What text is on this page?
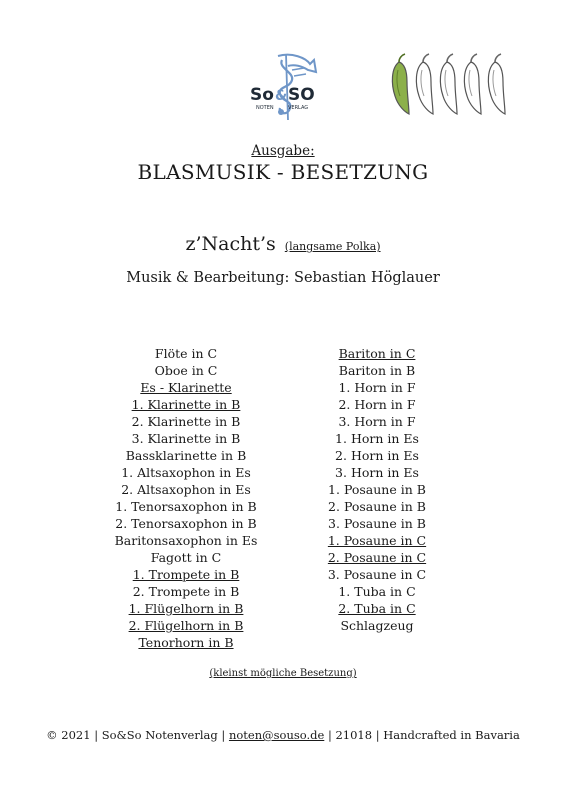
So & SO
NOTEN	VERLAG
Ausgabe:
BLASMUSIK - BESETZUNG
z’Nacht’s (langsame Polka)
Musik & Bearbeitung: Sebastian Höglauer
Flöte in C
Oboe in C
Es - Klarinette
1. Klarinette in B
2. Klarinette in B
3. Klarinette in B
Bassklarinette in B
1. Altsaxophon in Es
2. Altsaxophon in Es
1. Tenorsaxophon in B
2. Tenorsaxophon in B
Baritonsaxophon in Es
Fagott in C
1. Trompete in B
2. Trompete in B
1. Flügelhorn in B
2. Flügelhorn in B
Tenorhorn in B
Bariton in C
Bariton in B
1. Horn in F
2. Horn in F
3. Horn in F
1. Horn in Es
2. Horn in Es
3. Horn in Es
1. Posaune in B
2. Posaune in B
3. Posaune in B
1. Posaune in C
2. Posaune in C
3. Posaune in C
1. Tuba in C
2. Tuba in C
Schlagzeug
(kleinst mögliche Besetzung)
© 2021 | So&So Notenverlag | noten@souso.de | 21018 | Handcrafted in Bavaria
